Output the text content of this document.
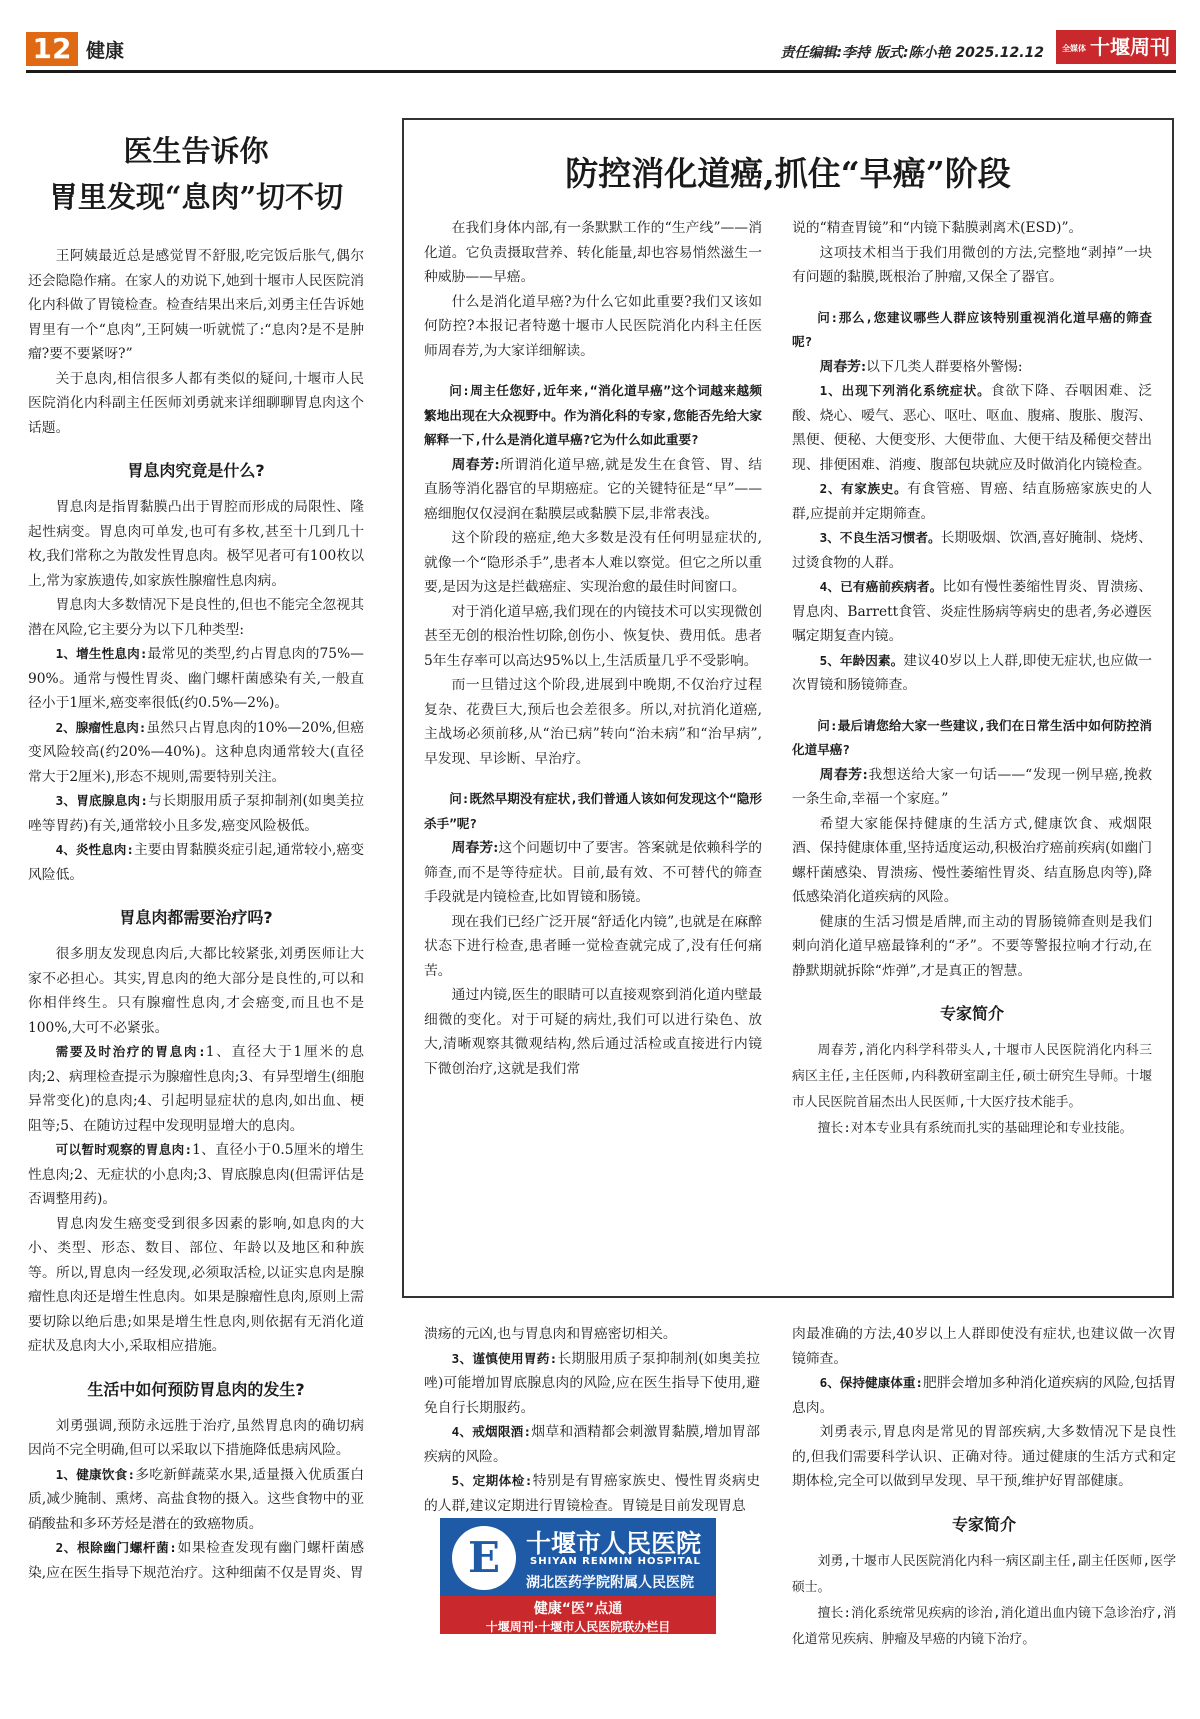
12 健康	责任编辑:李持 版式:陈小艳 2025.12.12	全媒体 十堰周刊
医生告诉你
胃里发现“息肉”切不切

王阿姨最近总是感觉胃不舒服,吃完饭后胀气,偶尔还会隐隐作痛。在家人的劝说下,她到十堰市人民医院消化内科做了胃镜检查。检查结果出来后,刘勇主任告诉她胃里有一个“息肉”,王阿姨一听就慌了:“息肉?是不是肿瘤?要不要紧呀?”

关于息肉,相信很多人都有类似的疑问,十堰市人民医院消化内科副主任医师刘勇就来详细聊聊胃息肉这个话题。

胃息肉究竟是什么?

胃息肉是指胃黏膜凸出于胃腔而形成的局限性、隆起性病变。胃息肉可单发,也可有多枚,甚至十几到几十枚,我们常称之为散发性胃息肉。极罕见者可有100枚以上,常为家族遗传,如家族性腺瘤性息肉病。

胃息肉大多数情况下是良性的,但也不能完全忽视其潜在风险,它主要分为以下几种类型:

1、增生性息肉:最常见的类型,约占胃息肉的75%—90%。通常与慢性胃炎、幽门螺杆菌感染有关,一般直径小于1厘米,癌变率很低(约0.5%—2%)。

2、腺瘤性息肉:虽然只占胃息肉的10%—20%,但癌变风险较高(约20%—40%)。这种息肉通常较大(直径常大于2厘米),形态不规则,需要特别关注。

3、胃底腺息肉:与长期服用质子泵抑制剂(如奥美拉唑等胃药)有关,通常较小且多发,癌变风险极低。

4、炎性息肉:主要由胃黏膜炎症引起,通常较小,癌变风险低。

胃息肉都需要治疗吗?

很多朋友发现息肉后,大都比较紧张,刘勇医师让大家不必担心。其实,胃息肉的绝大部分是良性的,可以和你相伴终生。只有腺瘤性息肉,才会癌变,而且也不是100%,大可不必紧张。

需要及时治疗的胃息肉:1、直径大于1厘米的息肉;2、病理检查提示为腺瘤性息肉;3、有异型增生(细胞异常变化)的息肉;4、引起明显症状的息肉,如出血、梗阻等;5、在随访过程中发现明显增大的息肉。

可以暂时观察的胃息肉:1、直径小于0.5厘米的增生性息肉;2、无症状的小息肉;3、胃底腺息肉(但需评估是否调整用药)。

胃息肉发生癌变受到很多因素的影响,如息肉的大小、类型、形态、数目、部位、年龄以及地区和种族等。所以,胃息肉一经发现,必须取活检,以证实息肉是腺瘤性息肉还是增生性息肉。如果是腺瘤性息肉,原则上需要切除以绝后患;如果是增生性息肉,则依据有无消化道症状及息肉大小,采取相应措施。

生活中如何预防胃息肉的发生?

刘勇强调,预防永远胜于治疗,虽然胃息肉的确切病因尚不完全明确,但可以采取以下措施降低患病风险。

1、健康饮食:多吃新鲜蔬菜水果,适量摄入优质蛋白质,减少腌制、熏烤、高盐食物的摄入。这些食物中的亚硝酸盐和多环芳烃是潜在的致癌物质。

2、根除幽门螺杆菌:如果检查发现有幽门螺杆菌感染,应在医生指导下规范治疗。这种细菌不仅是胃炎、胃

防控消化道癌,抓住“早癌”阶段

在我们身体内部,有一条默默工作的“生产线”——消化道。它负责摄取营养、转化能量,却也容易悄然滋生一种威胁——早癌。

什么是消化道早癌?为什么它如此重要?我们又该如何防控?本报记者特邀十堰市人民医院消化内科主任医师周春芳,为大家详细解读。

问:周主任您好,近年来,“消化道早癌”这个词越来越频繁地出现在大众视野中。作为消化科的专家,您能否先给大家解释一下,什么是消化道早癌?它为什么如此重要?

周春芳:所谓消化道早癌,就是发生在食管、胃、结直肠等消化器官的早期癌症。它的关键特征是“早”——癌细胞仅仅浸润在黏膜层或黏膜下层,非常表浅。

这个阶段的癌症,绝大多数是没有任何明显症状的,就像一个“隐形杀手”,患者本人难以察觉。但它之所以重要,是因为这是拦截癌症、实现治愈的最佳时间窗口。

对于消化道早癌,我们现在的内镜技术可以实现微创甚至无创的根治性切除,创伤小、恢复快、费用低。患者5年生存率可以高达95%以上,生活质量几乎不受影响。

而一旦错过这个阶段,进展到中晚期,不仅治疗过程复杂、花费巨大,预后也会差很多。所以,对抗消化道癌,主战场必须前移,从“治已病”转向“治未病”和“治早病”,早发现、早诊断、早治疗。

问:既然早期没有症状,我们普通人该如何发现这个“隐形杀手”呢?

周春芳:这个问题切中了要害。答案就是依赖科学的筛查,而不是等待症状。目前,最有效、不可替代的筛查手段就是内镜检查,比如胃镜和肠镜。

现在我们已经广泛开展“舒适化内镜”,也就是在麻醉状态下进行检查,患者睡一觉检查就完成了,没有任何痛苦。

通过内镜,医生的眼睛可以直接观察到消化道内壁最细微的变化。对于可疑的病灶,我们可以进行染色、放大,清晰观察其微观结构,然后通过活检或直接进行内镜下微创治疗,这就是我们常

说的“精查胃镜”和“内镜下黏膜剥离术(ESD)”。

这项技术相当于我们用微创的方法,完整地“剥掉”一块有问题的黏膜,既根治了肿瘤,又保全了器官。

问:那么,您建议哪些人群应该特别重视消化道早癌的筛查呢?

周春芳:以下几类人群要格外警惕:

1、出现下列消化系统症状。食欲下降、吞咽困难、泛酸、烧心、嗳气、恶心、呕吐、呕血、腹痛、腹胀、腹泻、黑便、便秘、大便变形、大便带血、大便干结及稀便交替出现、排便困难、消瘦、腹部包块就应及时做消化内镜检查。

2、有家族史。有食管癌、胃癌、结直肠癌家族史的人群,应提前并定期筛查。

3、不良生活习惯者。长期吸烟、饮酒,喜好腌制、烧烤、过烫食物的人群。

4、已有癌前疾病者。比如有慢性萎缩性胃炎、胃溃疡、胃息肉、Barrett食管、炎症性肠病等病史的患者,务必遵医嘱定期复查内镜。

5、年龄因素。建议40岁以上人群,即使无症状,也应做一次胃镜和肠镜筛查。

问:最后请您给大家一些建议,我们在日常生活中如何防控消化道早癌?

周春芳:我想送给大家一句话——“发现一例早癌,挽救一条生命,幸福一个家庭。”

希望大家能保持健康的生活方式,健康饮食、戒烟限酒、保持健康体重,坚持适度运动,积极治疗癌前疾病(如幽门螺杆菌感染、胃溃疡、慢性萎缩性胃炎、结直肠息肉等),降低感染消化道疾病的风险。

健康的生活习惯是盾牌,而主动的胃肠镜筛查则是我们刺向消化道早癌最锋利的“矛”。不要等警报拉响才行动,在静默期就拆除“炸弹”,才是真正的智慧。

专家简介

周春芳,消化内科学科带头人,十堰市人民医院消化内科三病区主任,主任医师,内科教研室副主任,硕士研究生导师。十堰市人民医院首届杰出人民医师,十大医疗技术能手。

擅长:对本专业具有系统而扎实的基础理论和专业技能。

溃疡的元凶,也与胃息肉和胃癌密切相关。

3、谨慎使用胃药:长期服用质子泵抑制剂(如奥美拉唑)可能增加胃底腺息肉的风险,应在医生指导下使用,避免自行长期服药。

4、戒烟限酒:烟草和酒精都会刺激胃黏膜,增加胃部疾病的风险。

5、定期体检:特别是有胃癌家族史、慢性胃炎病史的人群,建议定期进行胃镜检查。胃镜是目前发现胃息

E	十堰市人民医院
SHIYAN RENMIN HOSPITAL
湖北医药学院附属人民医院
健康“医”点通
十堰周刊·十堰市人民医院联办栏目

肉最准确的方法,40岁以上人群即使没有症状,也建议做一次胃镜筛查。

6、保持健康体重:肥胖会增加多种消化道疾病的风险,包括胃息肉。

刘勇表示,胃息肉是常见的胃部疾病,大多数情况下是良性的,但我们需要科学认识、正确对待。通过健康的生活方式和定期体检,完全可以做到早发现、早干预,维护好胃部健康。

专家简介

刘勇,十堰市人民医院消化内科一病区副主任,副主任医师,医学硕士。

擅长:消化系统常见疾病的诊治,消化道出血内镜下急诊治疗,消化道常见疾病、肿瘤及早癌的内镜下治疗。
